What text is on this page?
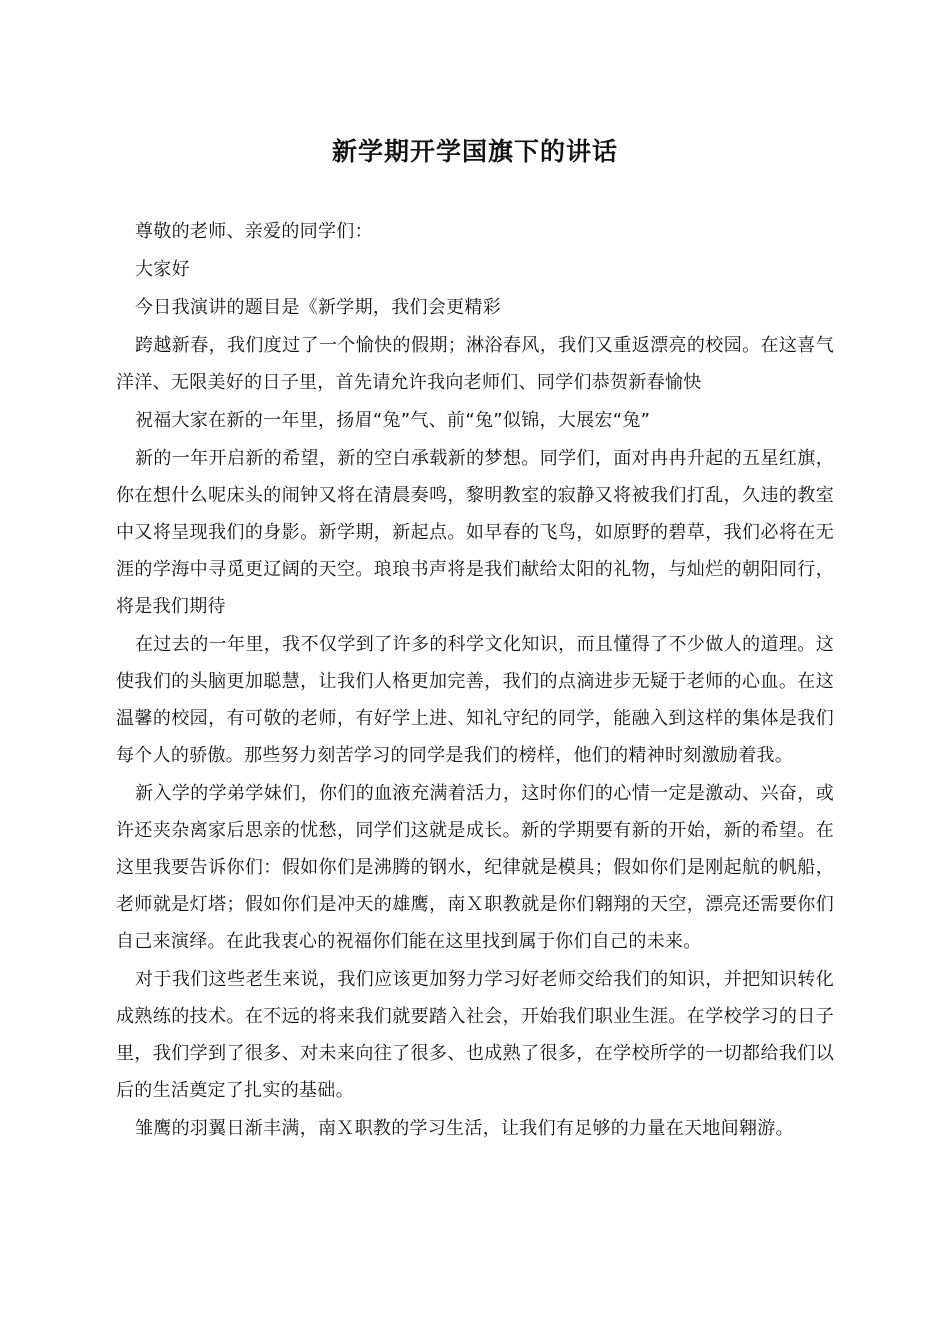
新学期开学国旗下的讲话

尊敬的老师、亲爱的同学们：

大家好

今日我演讲的题目是《新学期，我们会更精彩

跨越新春，我们度过了一个愉快的假期；淋浴春风，我们又重返漂亮的校园。在这喜气洋洋、无限美好的日子里，首先请允许我向老师们、同学们恭贺新春愉快

祝福大家在新的一年里，扬眉“兔”气、前“兔”似锦，大展宏“兔”

新的一年开启新的希望，新的空白承载新的梦想。同学们，面对冉冉升起的五星红旗，你在想什么呢床头的闹钟又将在清晨奏鸣，黎明教室的寂静又将被我们打乱，久违的教室中又将呈现我们的身影。新学期，新起点。如早春的飞鸟，如原野的碧草，我们必将在无涯的学海中寻觅更辽阔的天空。琅琅书声将是我们献给太阳的礼物，与灿烂的朝阳同行，将是我们期待

在过去的一年里，我不仅学到了许多的科学文化知识，而且懂得了不少做人的道理。这使我们的头脑更加聪慧，让我们人格更加完善，我们的点滴进步无疑于老师的心血。在这温馨的校园，有可敬的老师，有好学上进、知礼守纪的同学，能融入到这样的集体是我们每个人的骄傲。那些努力刻苦学习的同学是我们的榜样，他们的精神时刻激励着我。

新入学的学弟学妹们，你们的血液充满着活力，这时你们的心情一定是激动、兴奋，或许还夹杂离家后思亲的忧愁，同学们这就是成长。新的学期要有新的开始，新的希望。在这里我要告诉你们：假如你们是沸腾的钢水，纪律就是模具；假如你们是刚起航的帆船，老师就是灯塔；假如你们是冲天的雄鹰，南Ｘ职教就是你们翱翔的天空，漂亮还需要你们自己来演绎。在此我衷心的祝福你们能在这里找到属于你们自己的未来。

对于我们这些老生来说，我们应该更加努力学习好老师交给我们的知识，并把知识转化成熟练的技术。在不远的将来我们就要踏入社会，开始我们职业生涯。在学校学习的日子里，我们学到了很多、对未来向往了很多、也成熟了很多，在学校所学的一切都给我们以后的生活奠定了扎实的基础。

雏鹰的羽翼日渐丰满，南Ｘ职教的学习生活，让我们有足够的力量在天地间翱游。
